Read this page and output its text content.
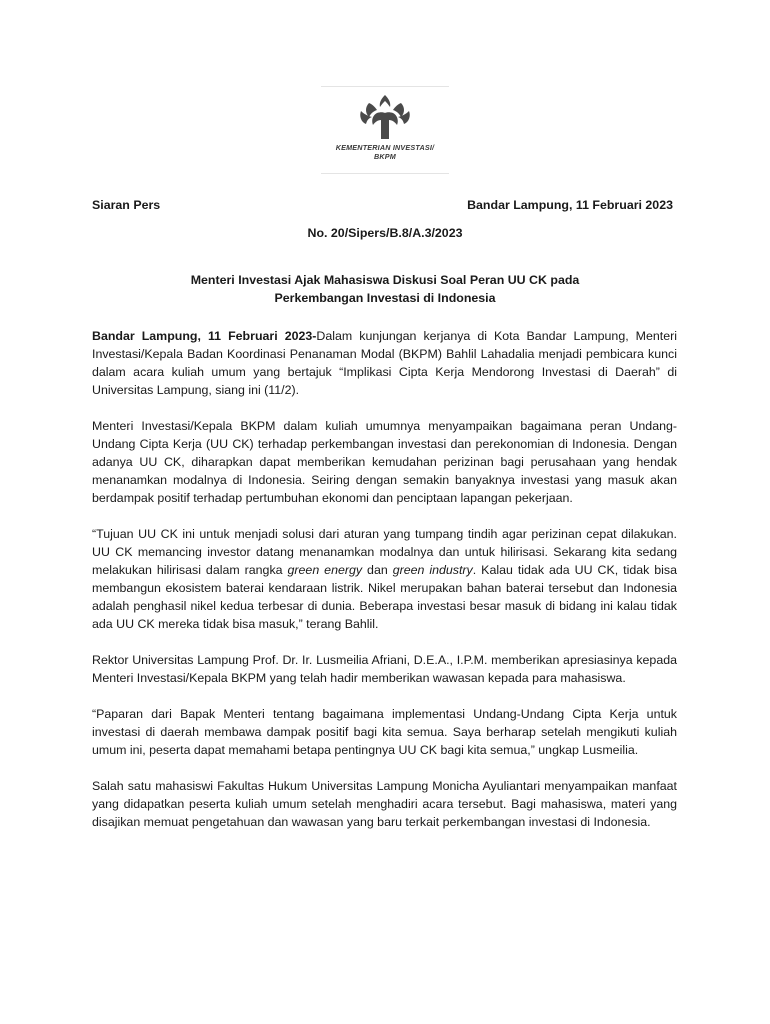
KEMENTERIAN INVESTASI/
BKPM
Siaran Pers	Bandar Lampung, 11 Februari 2023
No. 20/Sipers/B.8/A.3/2023
Menteri Investasi Ajak Mahasiswa Diskusi Soal Peran UU CK pada
Perkembangan Investasi di Indonesia

Bandar Lampung, 11 Februari 2023-Dalam kunjungan kerjanya di Kota Bandar Lampung, Menteri Investasi/Kepala Badan Koordinasi Penanaman Modal (BKPM) Bahlil Lahadalia menjadi pembicara kunci dalam acara kuliah umum yang bertajuk “Implikasi Cipta Kerja Mendorong Investasi di Daerah” di Universitas Lampung, siang ini (11/2).

Menteri Investasi/Kepala BKPM dalam kuliah umumnya menyampaikan bagaimana peran Undang-Undang Cipta Kerja (UU CK) terhadap perkembangan investasi dan perekonomian di Indonesia. Dengan adanya UU CK, diharapkan dapat memberikan kemudahan perizinan bagi perusahaan yang hendak menanamkan modalnya di Indonesia. Seiring dengan semakin banyaknya investasi yang masuk akan berdampak positif terhadap pertumbuhan ekonomi dan penciptaan lapangan pekerjaan.

“Tujuan UU CK ini untuk menjadi solusi dari aturan yang tumpang tindih agar perizinan cepat dilakukan. UU CK memancing investor datang menanamkan modalnya dan untuk hilirisasi. Sekarang kita sedang melakukan hilirisasi dalam rangka green energy dan green industry. Kalau tidak ada UU CK, tidak bisa membangun ekosistem baterai kendaraan listrik. Nikel merupakan bahan baterai tersebut dan Indonesia adalah penghasil nikel kedua terbesar di dunia. Beberapa investasi besar masuk di bidang ini kalau tidak ada UU CK mereka tidak bisa masuk,” terang Bahlil.

Rektor Universitas Lampung Prof. Dr. Ir. Lusmeilia Afriani, D.E.A., I.P.M. memberikan apresiasinya kepada Menteri Investasi/Kepala BKPM yang telah hadir memberikan wawasan kepada para mahasiswa.

“Paparan dari Bapak Menteri tentang bagaimana implementasi Undang-Undang Cipta Kerja untuk investasi di daerah membawa dampak positif bagi kita semua. Saya berharap setelah mengikuti kuliah umum ini, peserta dapat memahami betapa pentingnya UU CK bagi kita semua,” ungkap Lusmeilia.

Salah satu mahasiswi Fakultas Hukum Universitas Lampung Monicha Ayuliantari menyampaikan manfaat yang didapatkan peserta kuliah umum setelah menghadiri acara tersebut. Bagi mahasiswa, materi yang disajikan memuat pengetahuan dan wawasan yang baru terkait perkembangan investasi di Indonesia.
